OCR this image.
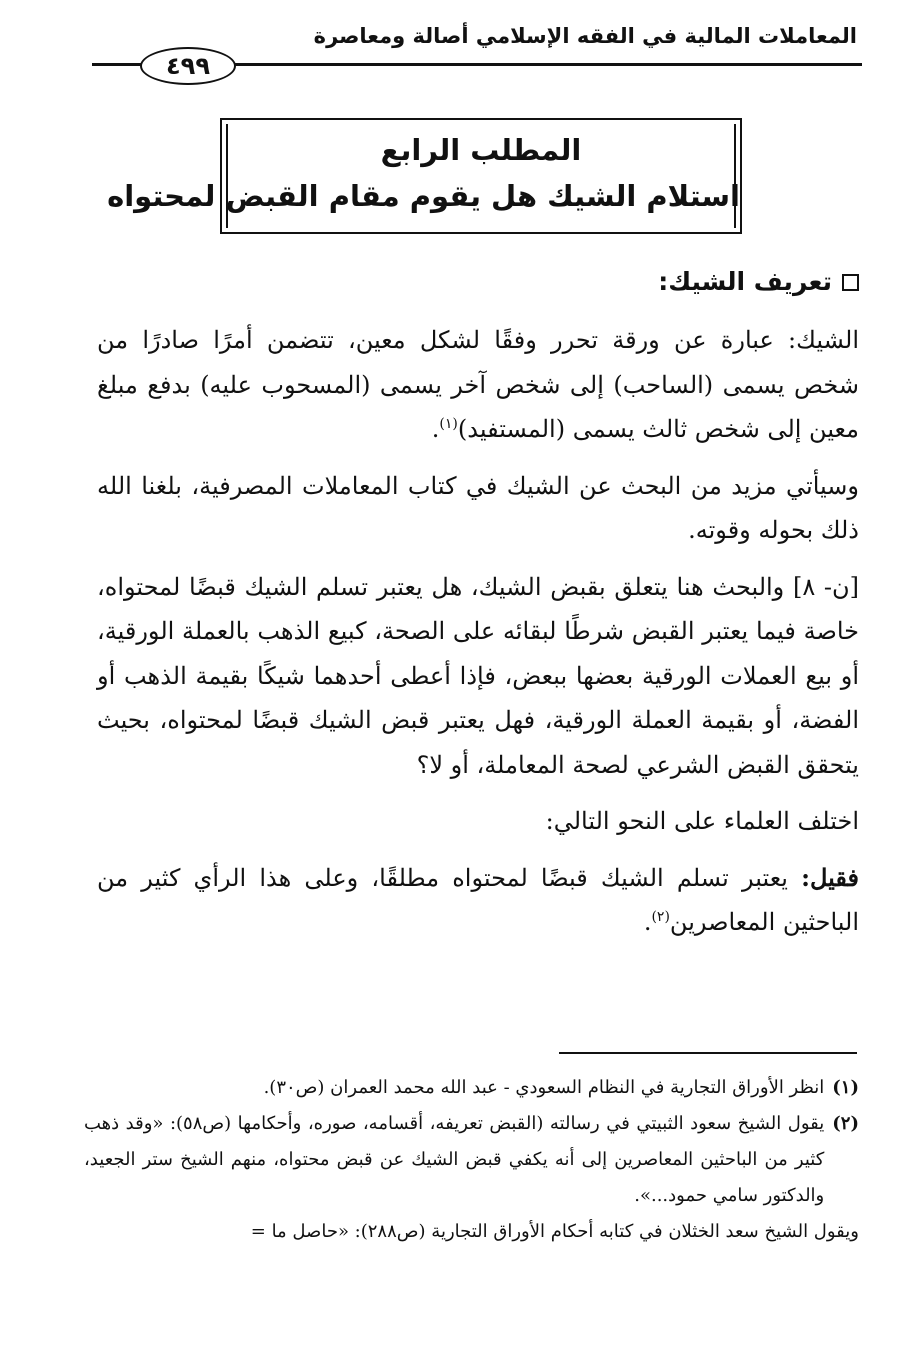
المعاملات المالية في الفقه الإسلامي أصالة ومعاصرة
٤٩٩
المطلب الرابع
استلام الشيك هل يقوم مقام القبض لمحتواه
تعريف الشيك:

الشيك: عبارة عن ورقة تحرر وفقًا لشكل معين، تتضمن أمرًا صادرًا من شخص يسمى (الساحب) إلى شخص آخر يسمى (المسحوب عليه) بدفع مبلغ معين إلى شخص ثالث يسمى (المستفيد)$^{(١)}$.

وسيأتي مزيد من البحث عن الشيك في كتاب المعاملات المصرفية، بلغنا الله ذلك بحوله وقوته.

[ن- ٨] والبحث هنا يتعلق بقبض الشيك، هل يعتبر تسلم الشيك قبضًا لمحتواه، خاصة فيما يعتبر القبض شرطًا لبقائه على الصحة، كبيع الذهب بالعملة الورقية، أو بيع العملات الورقية بعضها ببعض، فإذا أعطى أحدهما شيكًا بقيمة الذهب أو الفضة، أو بقيمة العملة الورقية، فهل يعتبر قبض الشيك قبضًا لمحتواه، بحيث يتحقق القبض الشرعي لصحة المعاملة، أو لا؟

اختلف العلماء على النحو التالي:

فقيل: يعتبر تسلم الشيك قبضًا لمحتواه مطلقًا، وعلى هذا الرأي كثير من الباحثين المعاصرين$^{(٢)}$.

(١)
انظر الأوراق التجارية في النظام السعودي - عبد الله محمد العمران (ص٣٠).
(٢)
يقول الشيخ سعود الثبيتي في رسالته (القبض تعريفه، أقسامه، صوره، وأحكامها (ص٥٨): «وقد ذهب كثير من الباحثين المعاصرين إلى أنه يكفي قبض الشيك عن قبض محتواه، منهم الشيخ ستر الجعيد، والدكتور سامي حمود...».
ويقول الشيخ سعد الخثلان في كتابه أحكام الأوراق التجارية (ص٢٨٨): «حاصل ما =
